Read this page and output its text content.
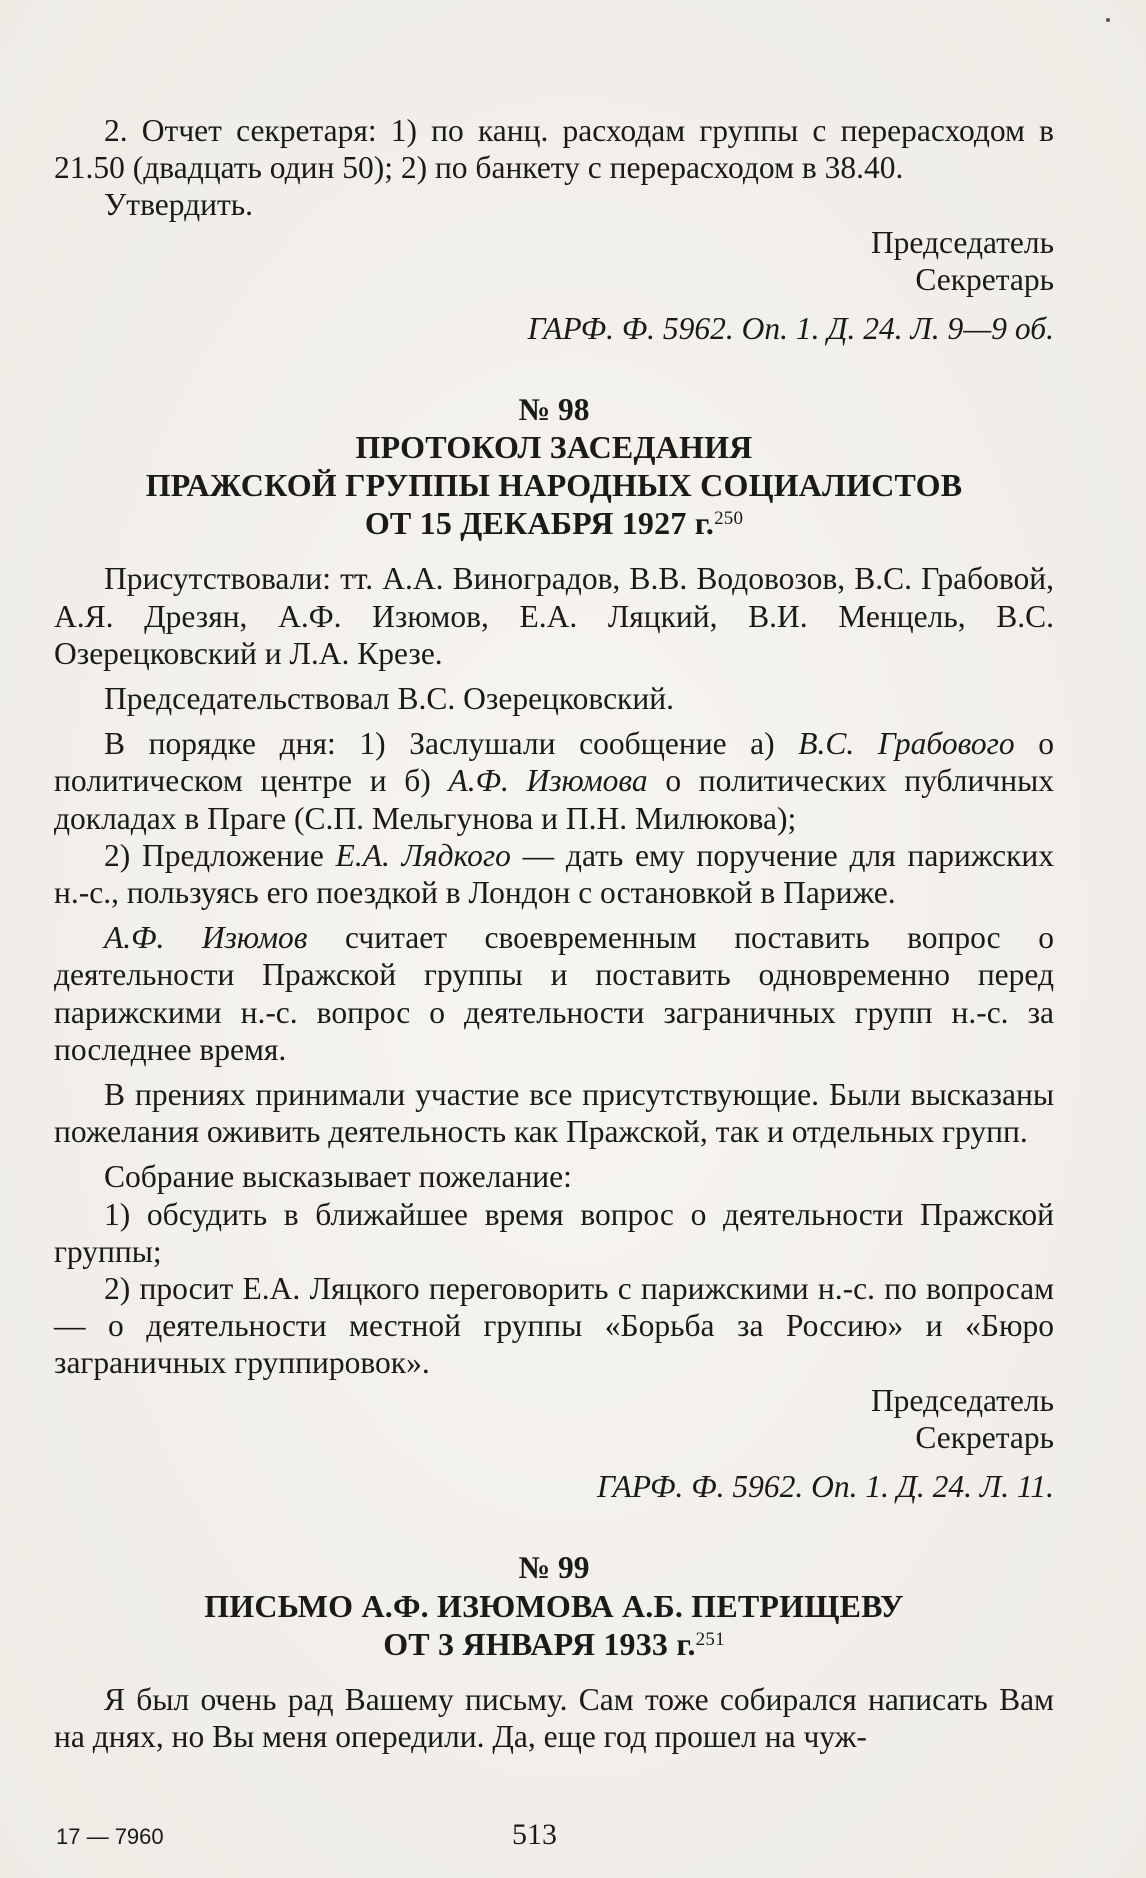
2. Отчет секретаря: 1) по канц. расходам группы с перерасходом в 21.50 (двадцать один 50); 2) по банкету с перерасходом в 38.40.

Утвердить.

Председатель

Секретарь

ГАРФ. Ф. 5962. Оп. 1. Д. 24. Л. 9—9 об.

№ 98

ПРОТОКОЛ ЗАСЕДАНИЯ

ПРАЖСКОЙ ГРУППЫ НАРОДНЫХ СОЦИАЛИСТОВ

ОТ 15 ДЕКАБРЯ 1927 г.$^{250}$

Присутствовали: тт. А.А. Виноградов, В.В. Водовозов, В.С. Грабовой, А.Я. Дрезян, А.Ф. Изюмов, Е.А. Ляцкий, В.И. Менцель, В.С. Озерецковский и Л.А. Крезе.

Председательствовал В.С. Озерецковский.

В порядке дня: 1) Заслушали сообщение а) В.С. Грабового о политическом центре и б) А.Ф. Изюмова о политических публичных докладах в Праге (С.П. Мельгунова и П.Н. Милюкова);

2) Предложение Е.А. Лядкого — дать ему поручение для парижских н.-с., пользуясь его поездкой в Лондон с остановкой в Париже.

А.Ф. Изюмов считает своевременным поставить вопрос о деятельности Пражской группы и поставить одновременно перед парижскими н.-с. вопрос о деятельности заграничных групп н.-с. за последнее время.

В прениях принимали участие все присутствующие. Были высказаны пожелания оживить деятельность как Пражской, так и отдельных групп.

Собрание высказывает пожелание:

1) обсудить в ближайшее время вопрос о деятельности Пражской группы;

2) просит Е.А. Ляцкого переговорить с парижскими н.-с. по вопросам — о деятельности местной группы «Борьба за Россию» и «Бюро заграничных группировок».

Председатель

Секретарь

ГАРФ. Ф. 5962. Оп. 1. Д. 24. Л. 11.

№ 99

ПИСЬМО А.Ф. ИЗЮМОВА А.Б. ПЕТРИЩЕВУ

ОТ 3 ЯНВАРЯ 1933 г.$^{251}$

Я был очень рад Вашему письму. Сам тоже собирался написать Вам на днях, но Вы меня опередили. Да, еще год прошел на чуж-

17 — 7960	513
